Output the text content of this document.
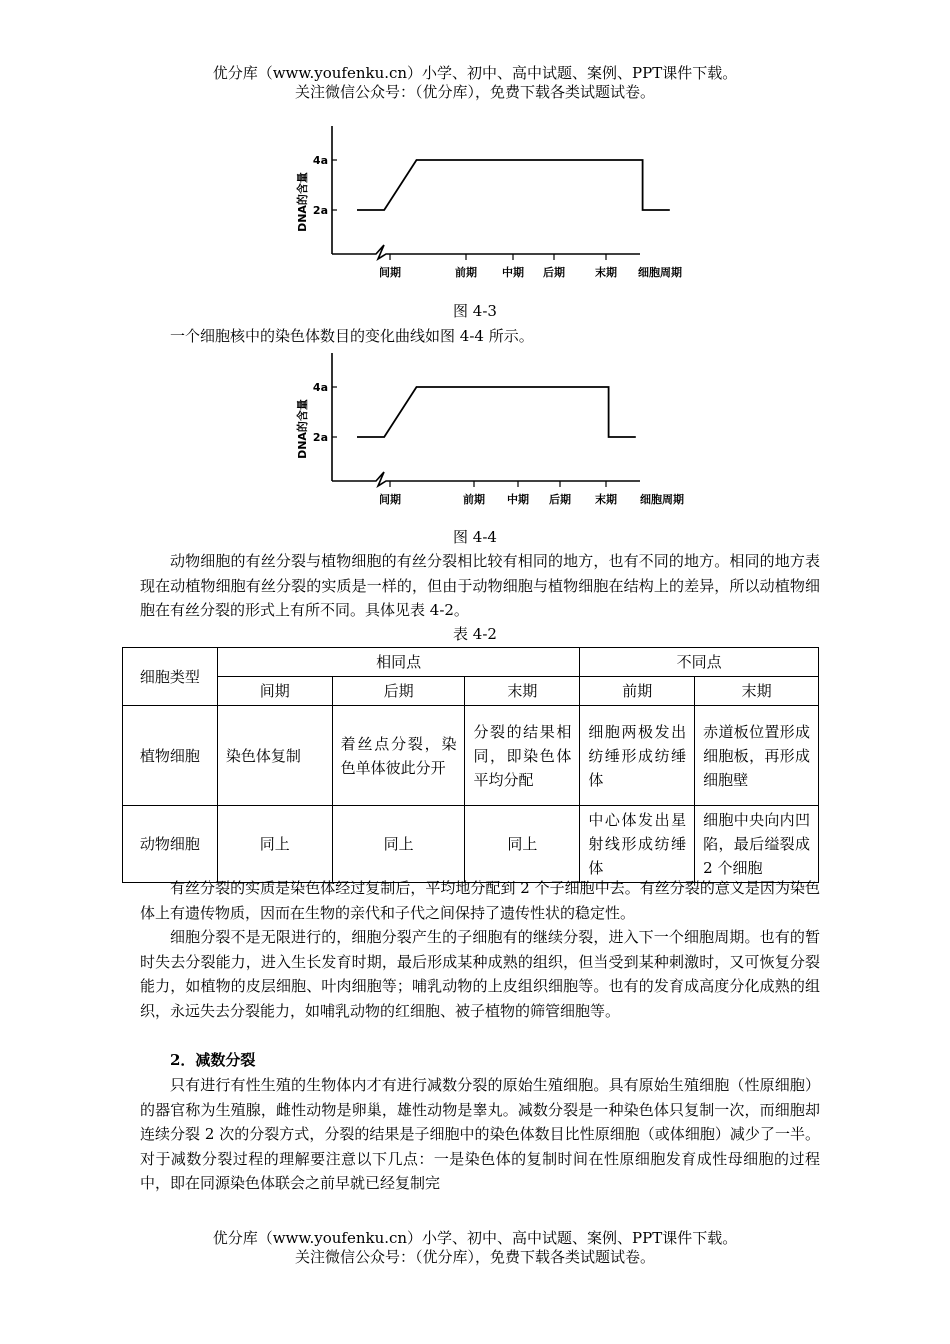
优分库（www.youfenku.cn）小学、初中、高中试题、案例、PPT课件下载。
关注微信公众号：（优分库），免费下载各类试题试卷。
2a
4a
DNA的含量
间期	前期 中期 后期	末期 细胞周期
图 4-3
一个细胞核中的染色体数目的变化曲线如图 4-4 所示。
2a
4a
DNA的含量
间期	前期 中期 后期 末期 细胞周期
图 4-4
动物细胞的有丝分裂与植物细胞的有丝分裂相比较有相同的地方，也有不同的地方。相同的地方表现在动植物细胞有丝分裂的实质是一样的，但由于动物细胞与植物细胞在结构上的差异，所以动植物细胞在有丝分裂的形式上有所不同。具体见表 4-2。
表 4-2
细胞类型	相同点			不同点	
	间期	后期	末期	前期	末期
植物细胞	染色体复制	着丝点分裂，染色单体彼此分开	分裂的结果相同，即染色体平均分配	细胞两极发出纺缍形成纺缍体	赤道板位置形成细胞板，再形成细胞壁
动物细胞	同上	同上	同上	中心体发出星射线形成纺缍体	细胞中央向内凹陷，最后缢裂成 2 个细胞
有丝分裂的实质是染色体经过复制后，平均地分配到 2 个子细胞中去。有丝分裂的意义是因为染色体上有遗传物质，因而在生物的亲代和子代之间保持了遗传性状的稳定性。
细胞分裂不是无限进行的，细胞分裂产生的子细胞有的继续分裂，进入下一个细胞周期。也有的暂时失去分裂能力，进入生长发育时期，最后形成某种成熟的组织，但当受到某种刺激时，又可恢复分裂能力，如植物的皮层细胞、叶肉细胞等；哺乳动物的上皮组织细胞等。也有的发育成高度分化成熟的组织，永远失去分裂能力，如哺乳动物的红细胞、被子植物的筛管细胞等。
2．减数分裂
只有进行有性生殖的生物体内才有进行减数分裂的原始生殖细胞。具有原始生殖细胞（性原细胞）的器官称为生殖腺，雌性动物是卵巢，雄性动物是睾丸。减数分裂是一种染色体只复制一次，而细胞却连续分裂 2 次的分裂方式，分裂的结果是子细胞中的染色体数目比性原细胞（或体细胞）减少了一半。对于减数分裂过程的理解要注意以下几点：一是染色体的复制时间在性原细胞发育成性母细胞的过程中，即在同源染色体联会之前早就已经复制完
优分库（www.youfenku.cn）小学、初中、高中试题、案例、PPT课件下载。
关注微信公众号：（优分库），免费下载各类试题试卷。
